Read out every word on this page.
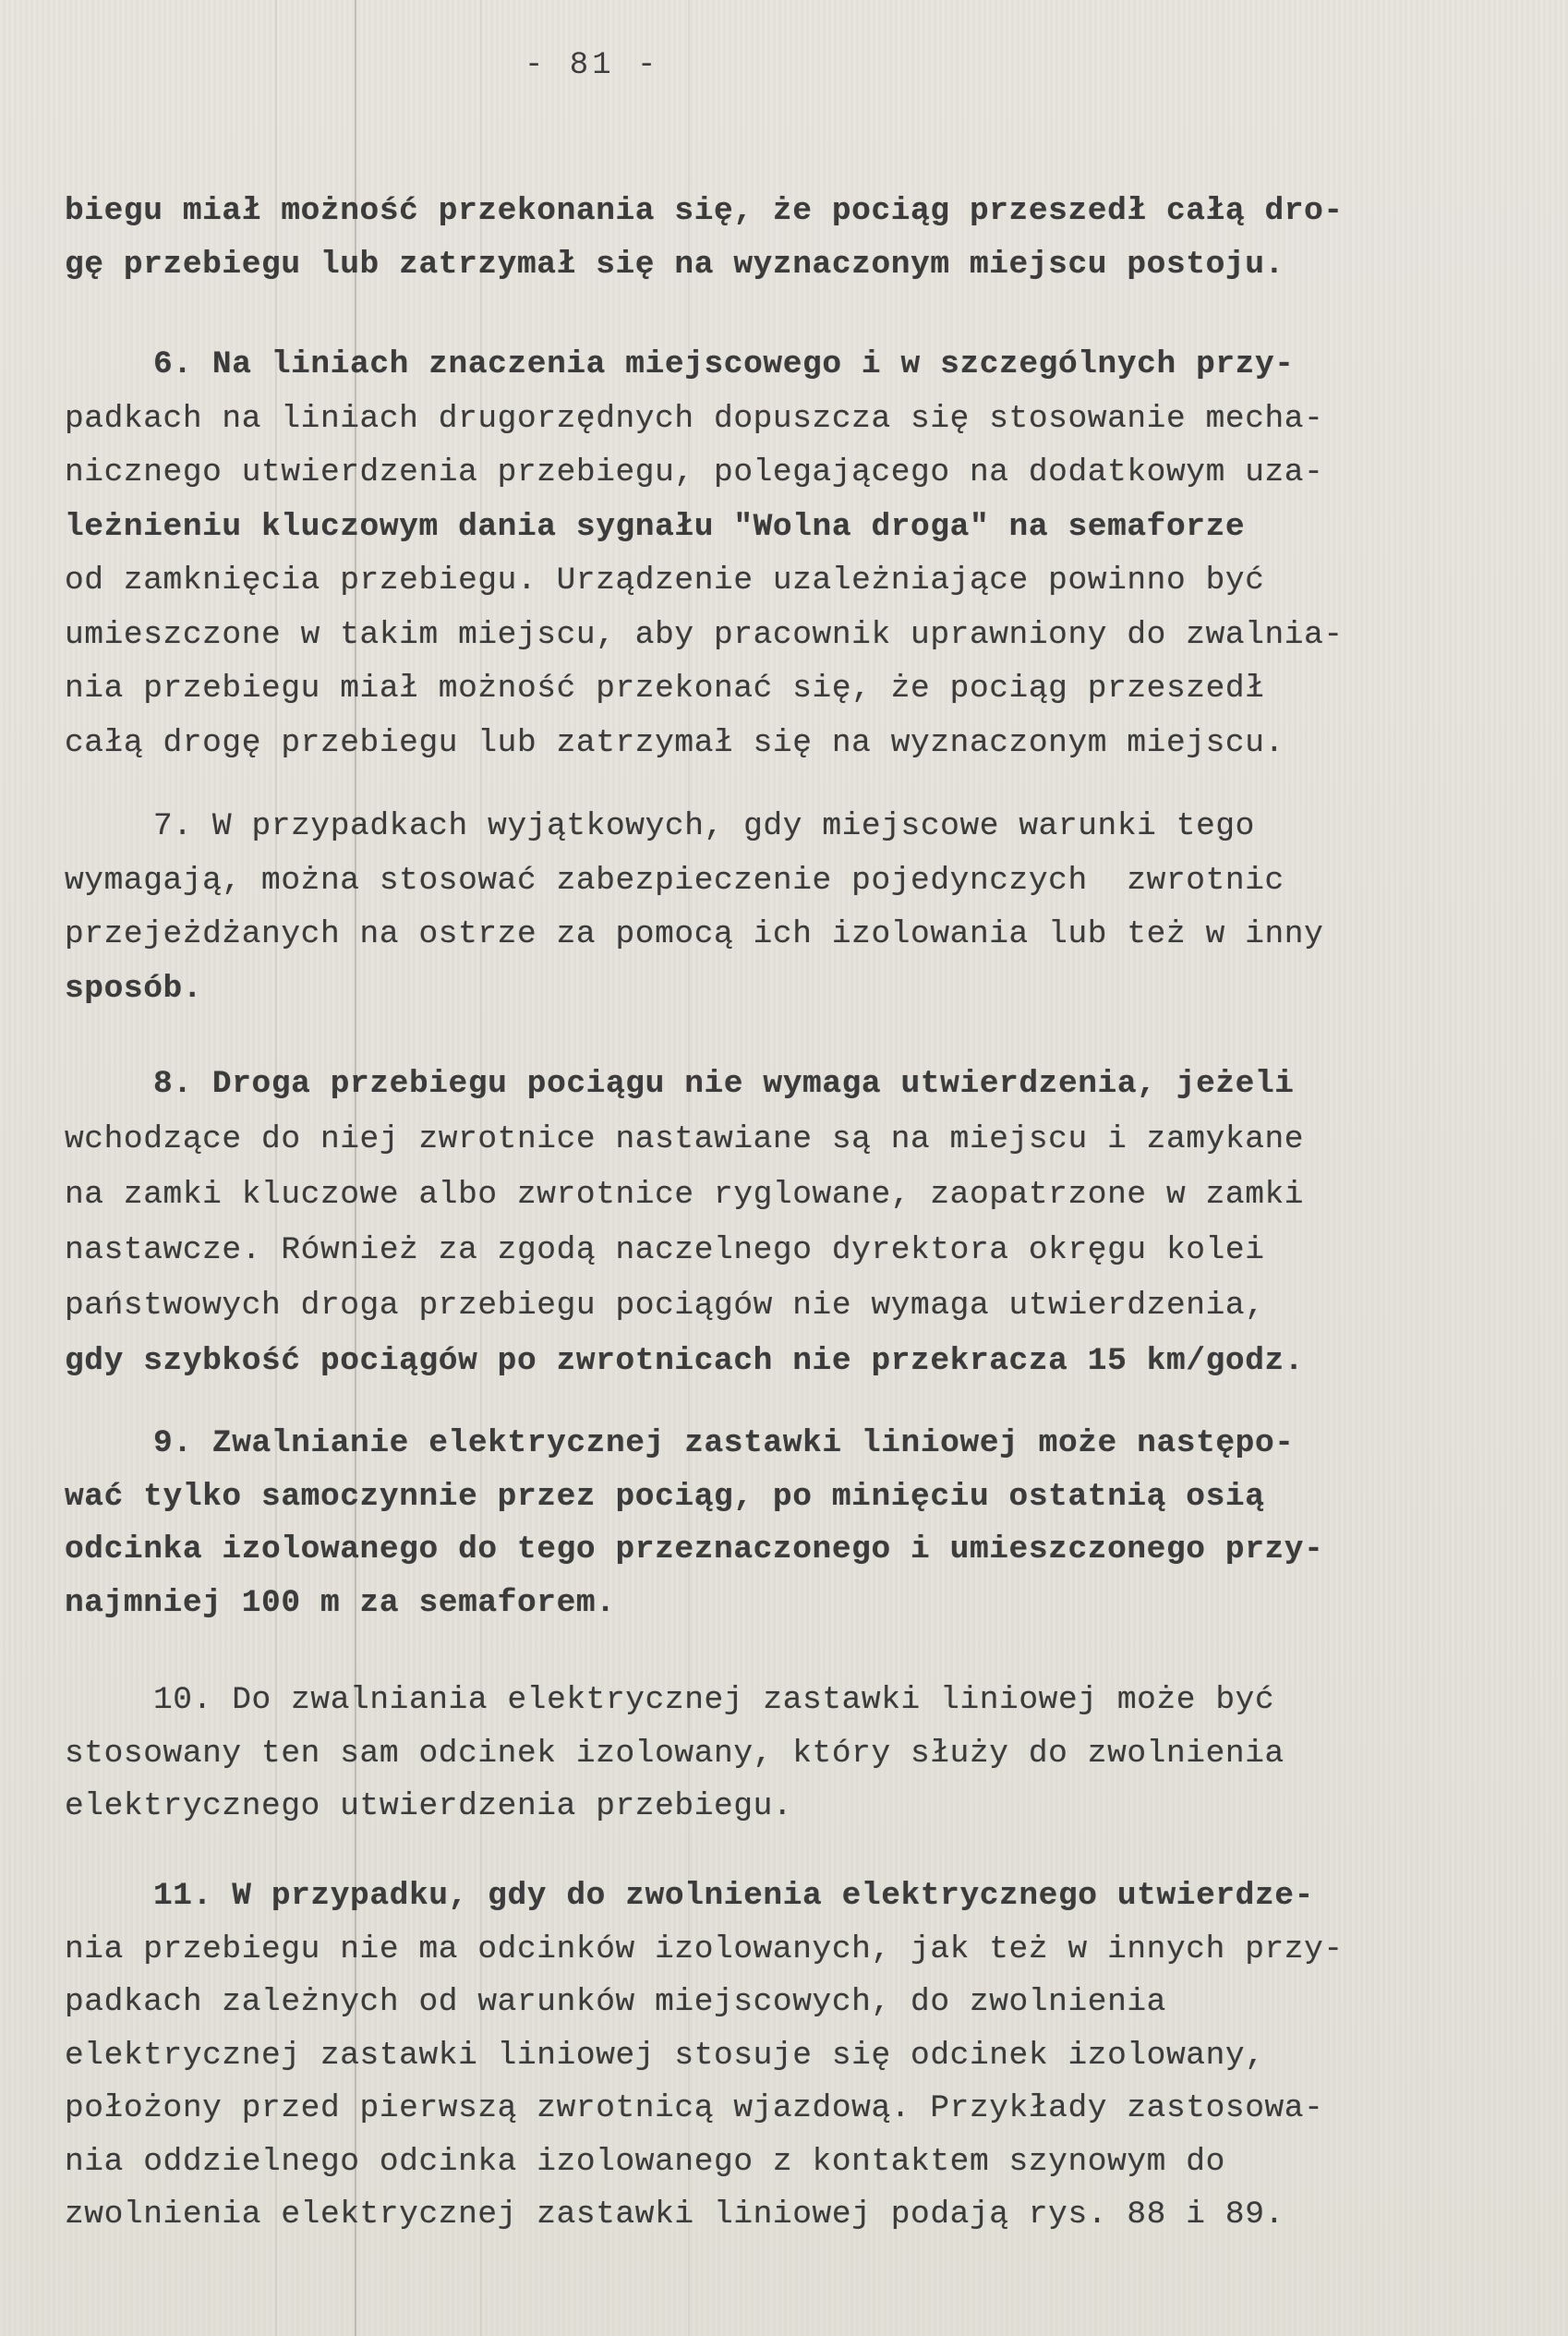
- 81 -
biegu miał możność przekonania się, że pociąg przeszedł całą dro-
gę przebiegu lub zatrzymał się na wyznaczonym miejscu postoju.
6. Na liniach znaczenia miejscowego i w szczególnych przy-
padkach na liniach drugorzędnych dopuszcza się stosowanie mecha-
nicznego utwierdzenia przebiegu, polegającego na dodatkowym uza-
leżnieniu kluczowym dania sygnału "Wolna droga" na semaforze
od zamknięcia przebiegu. Urządzenie uzależniające powinno być
umieszczone w takim miejscu, aby pracownik uprawniony do zwalnia-
nia przebiegu miał możność przekonać się, że pociąg przeszedł
całą drogę przebiegu lub zatrzymał się na wyznaczonym miejscu.
7. W przypadkach wyjątkowych, gdy miejscowe warunki tego
wymagają, można stosować zabezpieczenie pojedynczych  zwrotnic
przejeżdżanych na ostrze za pomocą ich izolowania lub też w inny
sposób.
8. Droga przebiegu pociągu nie wymaga utwierdzenia, jeżeli
wchodzące do niej zwrotnice nastawiane są na miejscu i zamykane
na zamki kluczowe albo zwrotnice ryglowane, zaopatrzone w zamki
nastawcze. Również za zgodą naczelnego dyrektora okręgu kolei
państwowych droga przebiegu pociągów nie wymaga utwierdzenia,
gdy szybkość pociągów po zwrotnicach nie przekracza 15 km/godz.
9. Zwalnianie elektrycznej zastawki liniowej może następo-
wać tylko samoczynnie przez pociąg, po minięciu ostatnią osią
odcinka izolowanego do tego przeznaczonego i umieszczonego przy-
najmniej 100 m za semaforem.
10. Do zwalniania elektrycznej zastawki liniowej może być
stosowany ten sam odcinek izolowany, który służy do zwolnienia
elektrycznego utwierdzenia przebiegu.
11. W przypadku, gdy do zwolnienia elektrycznego utwierdze-
nia przebiegu nie ma odcinków izolowanych, jak też w innych przy-
padkach zależnych od warunków miejscowych, do zwolnienia
elektrycznej zastawki liniowej stosuje się odcinek izolowany,
położony przed pierwszą zwrotnicą wjazdową. Przykłady zastosowa-
nia oddzielnego odcinka izolowanego z kontaktem szynowym do
zwolnienia elektrycznej zastawki liniowej podają rys. 88 i 89.
